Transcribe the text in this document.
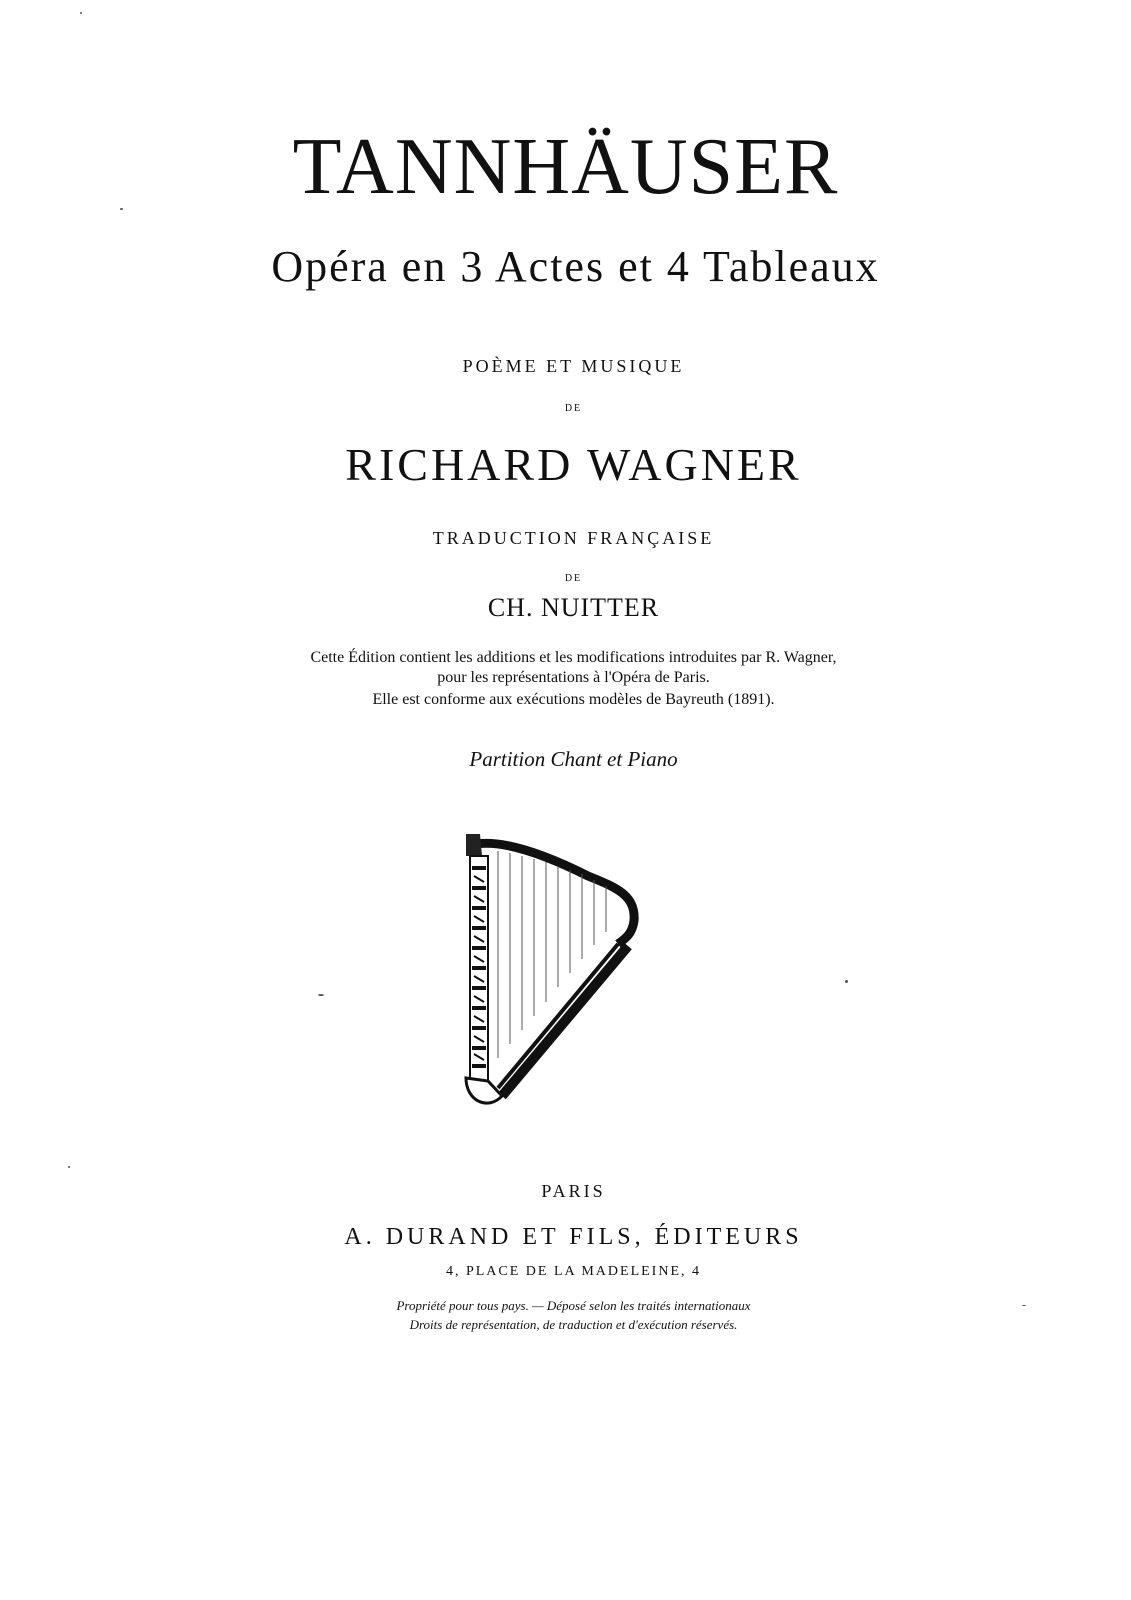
TANNHÄUSER
Opéra en 3 Actes et 4 Tableaux
POÈME ET MUSIQUE
DE
RICHARD WAGNER
TRADUCTION FRANÇAISE
DE
CH. NUITTER
Cette Édition contient les additions et les modifications introduites par R. Wagner,
pour les représentations à l'Opéra de Paris.
Elle est conforme aux exécutions modèles de Bayreuth (1891).
Partition Chant et Piano
PARIS
A. DURAND ET FILS, ÉDITEURS
4, PLACE DE LA MADELEINE, 4
Propriété pour tous pays. — Déposé selon les traités internationaux
Droits de représentation, de traduction et d'exécution réservés.
